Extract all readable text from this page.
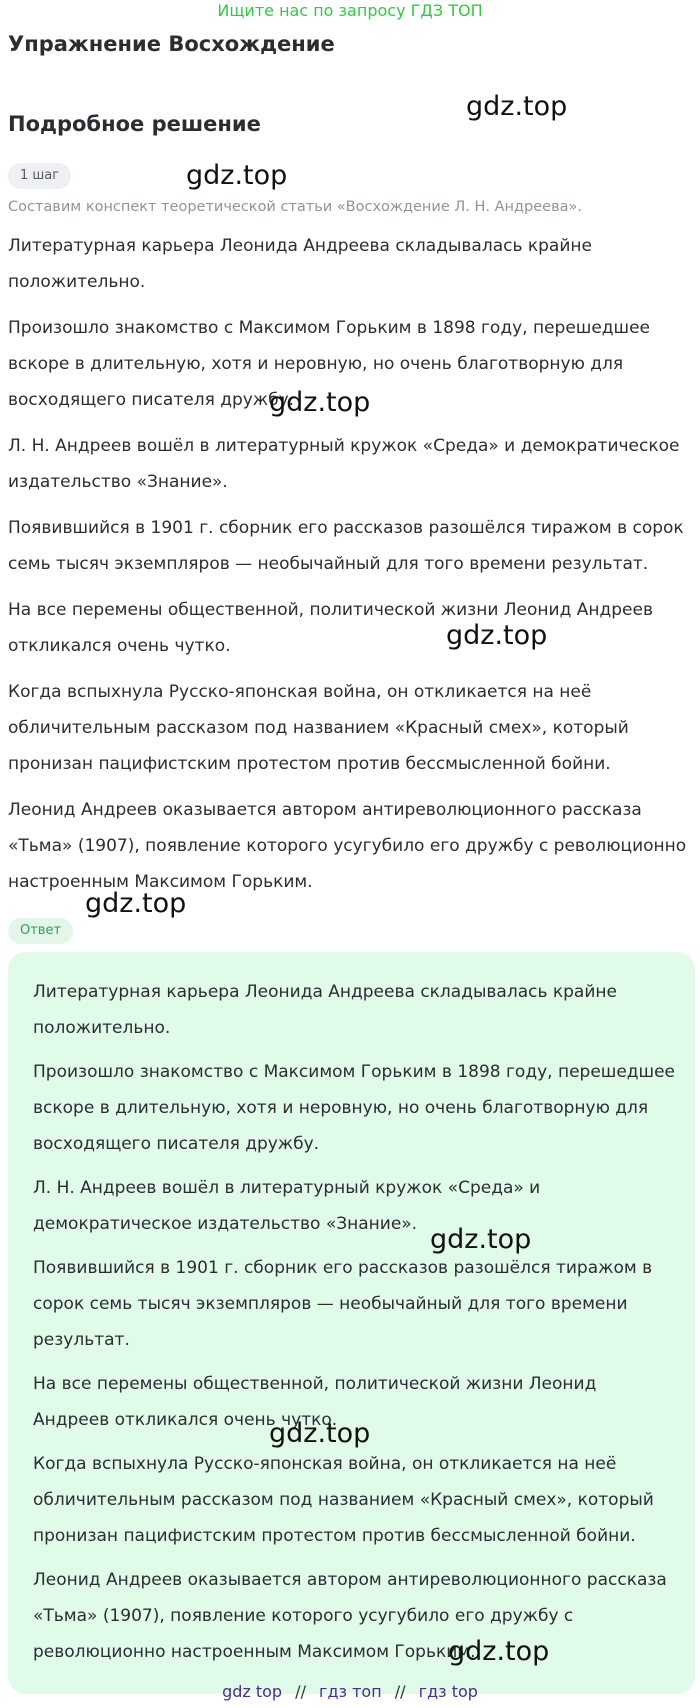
Ищите нас по запросу ГДЗ ТОП
Упражнение Восхождение
Подробное решение
1 шаг
Составим конспект теоретической статьи «Восхождение Л. Н. Андреева».

Литературная карьера Леонида Андреева складывалась крайне положительно.

Произошло знакомство с Максимом Горьким в 1898 году, перешедшее вскоре в длительную, хотя и неровную, но очень благотворную для восходящего писателя дружбу.

Л. Н. Андреев вошёл в литературный кружок «Среда» и демократическое издательство «Знание».

Появившийся в 1901 г. сборник его рассказов разошёлся тиражом в сорок семь тысяч экземпляров — необычайный для того времени результат.

На все перемены общественной, политической жизни Леонид Андреев откликался очень чутко.

Когда вспыхнула Русско-японская война, он откликается на неё обличительным рассказом под названием «Красный смех», который пронизан пацифистским протестом против бессмысленной бойни.

Леонид Андреев оказывается автором антиреволюционного рассказа «Тьма» (1907), появление которого усугубило его дружбу с революционно настроенным Максимом Горьким.

Ответ

Литературная карьера Леонида Андреева складывалась крайне положительно.

Произошло знакомство с Максимом Горьким в 1898 году, перешедшее вскоре в длительную, хотя и неровную, но очень благотворную для восходящего писателя дружбу.

Л. Н. Андреев вошёл в литературный кружок «Среда» и демократическое издательство «Знание».

Появившийся в 1901 г. сборник его рассказов разошёлся тиражом в сорок семь тысяч экземпляров — необычайный для того времени результат.

На все перемены общественной, политической жизни Леонид Андреев откликался очень чутко.

Когда вспыхнула Русско-японская война, он откликается на неё обличительным рассказом под названием «Красный смех», который пронизан пацифистским протестом против бессмысленной бойни.

Леонид Андреев оказывается автором антиреволюционного рассказа «Тьма» (1907), появление которого усугубило его дружбу с революционно настроенным Максимом Горьким.

gdz.top
gdz.top
gdz.top
gdz.top
gdz.top
gdz.top
gdz.top
gdz.top
gdz top // гдз топ // гдз top
